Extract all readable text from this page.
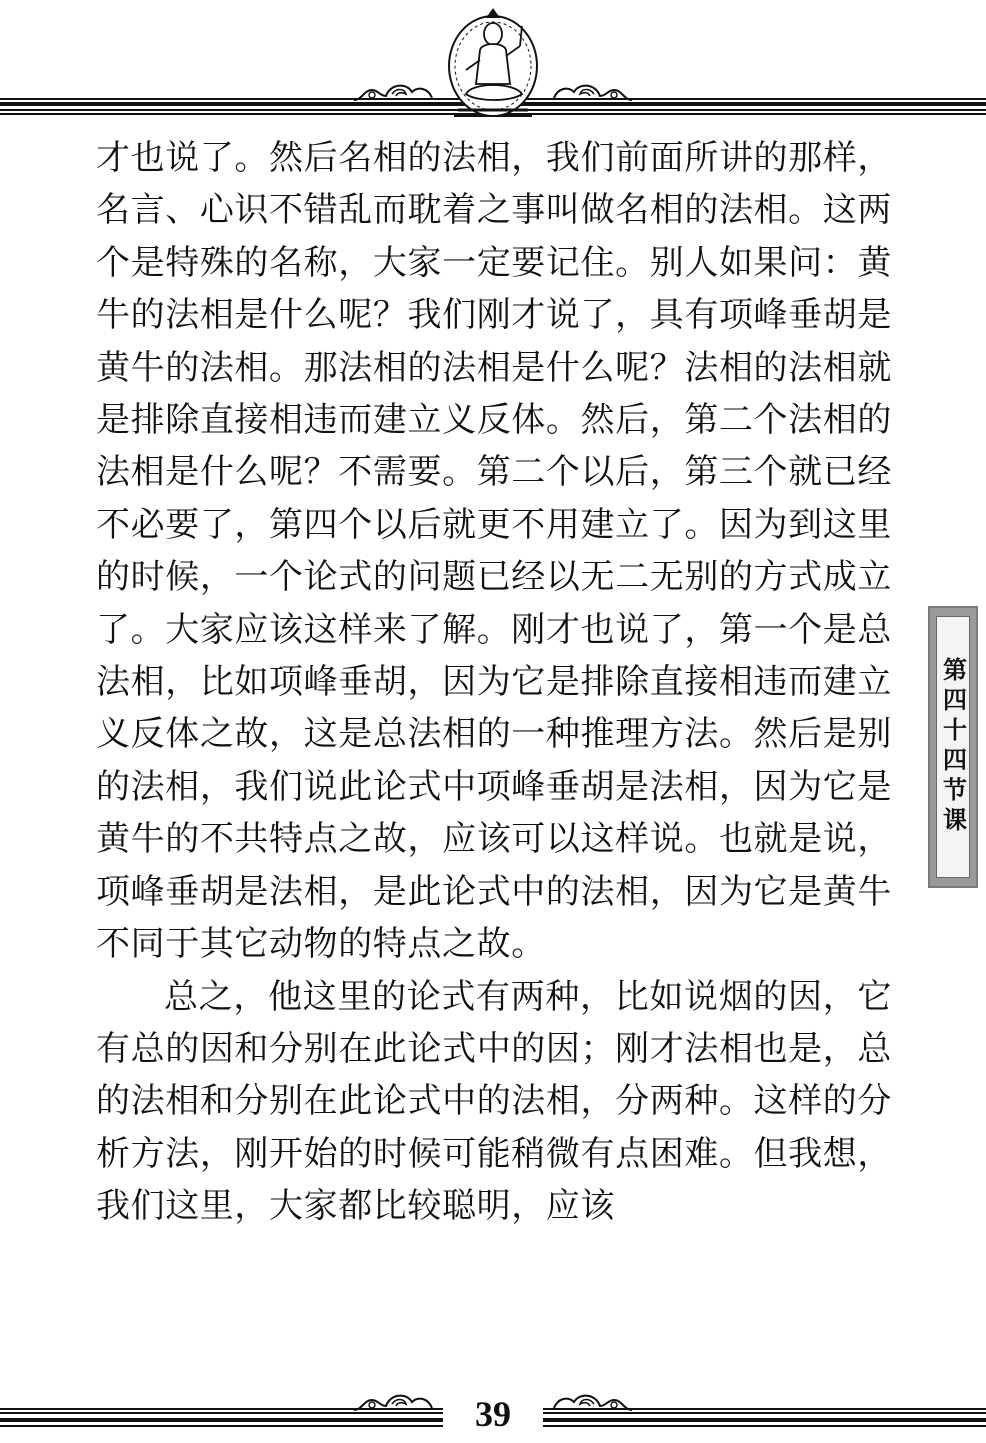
才也说了。然后名相的法相，我们前面所讲的那样，名言、心识不错乱而耽着之事叫做名相的法相。这两个是特殊的名称，大家一定要记住。别人如果问：黄牛的法相是什么呢？我们刚才说了，具有项峰垂胡是黄牛的法相。那法相的法相是什么呢？法相的法相就是排除直接相违而建立义反体。然后，第二个法相的法相是什么呢？不需要。第二个以后，第三个就已经不必要了，第四个以后就更不用建立了。因为到这里的时候，一个论式的问题已经以无二无别的方式成立了。大家应该这样来了解。刚才也说了，第一个是总法相，比如项峰垂胡，因为它是排除直接相违而建立义反体之故，这是总法相的一种推理方法。然后是别的法相，我们说此论式中项峰垂胡是法相，因为它是黄牛的不共特点之故，应该可以这样说。也就是说，项峰垂胡是法相，是此论式中的法相，因为它是黄牛不同于其它动物的特点之故。

总之，他这里的论式有两种，比如说烟的因，它有总的因和分别在此论式中的因；刚才法相也是，总的法相和分别在此论式中的法相，分两种。这样的分析方法，刚开始的时候可能稍微有点困难。但我想，我们这里，大家都比较聪明，应该

第四十四节课
39
